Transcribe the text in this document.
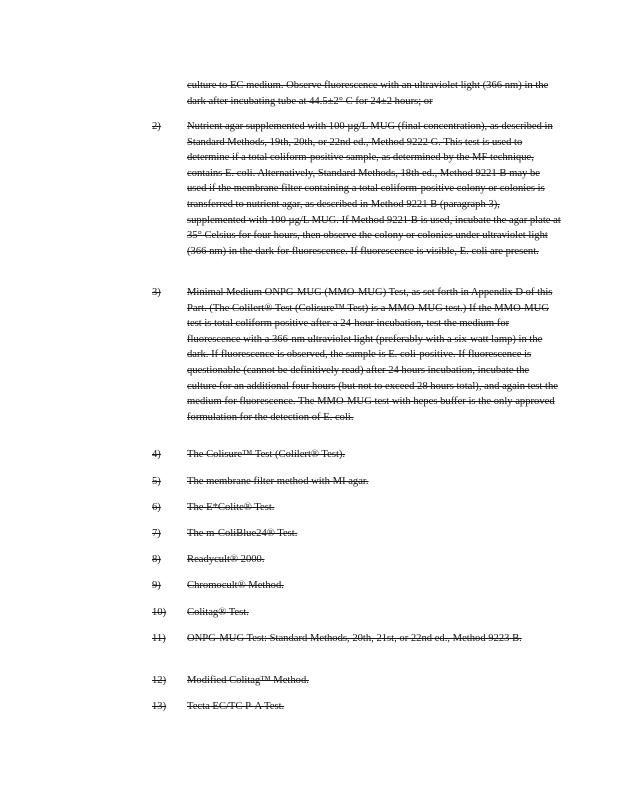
culture to EC medium. Observe fluorescence with an ultraviolet light (366 nm) in the dark after incubating tube at 44.5±2° C for 24±2 hours; or

2)	Nutrient agar supplemented with 100 µg/L MUG (final concentration), as described in Standard Methods, 19th, 20th, or 22nd ed., Method 9222 G. This test is used to determine if a total coliform-positive sample, as determined by the MF technique, contains E. coli. Alternatively, Standard Methods, 18th ed., Method 9221 B may be used if the membrane filter containing a total coliform-positive colony or colonies is transferred to nutrient agar, as described in Method 9221 B (paragraph 3), supplemented with 100 µg/L MUG. If Method 9221 B is used, incubate the agar plate at 35° Celsius for four hours, then observe the colony or colonies under ultraviolet light (366 nm) in the dark for fluorescence. If fluorescence is visible, E. coli are present.

3)	Minimal Medium ONPG-MUG (MMO-MUG) Test, as set forth in Appendix D of this Part. (The Colilert® Test (Colisure™ Test) is a MMO-MUG test.) If the MMO-MUG test is total coliform positive after a 24-hour incubation, test the medium for fluorescence with a 366-nm ultraviolet light (preferably with a six-watt lamp) in the dark. If fluorescence is observed, the sample is E. coli-positive. If fluorescence is questionable (cannot be definitively read) after 24 hours incubation, incubate the culture for an additional four hours (but not to exceed 28 hours total), and again test the medium for fluorescence. The MMO-MUG test with hepes buffer is the only approved formulation for the detection of E. coli.

4)	The Colisure™ Test (Colilert® Test).

5)	The membrane filter method with MI agar.

6)	The E*Colite® Test.

7)	The m-ColiBlue24® Test.

8)	Readycult® 2000.

9)	Chromocult® Method.

10)	Colitag® Test.

11)	ONPG-MUG Test: Standard Methods, 20th, 21st, or 22nd ed., Method 9223 B.

12)	Modified Colitag™ Method.

13)	Tecta EC/TC P-A Test.
